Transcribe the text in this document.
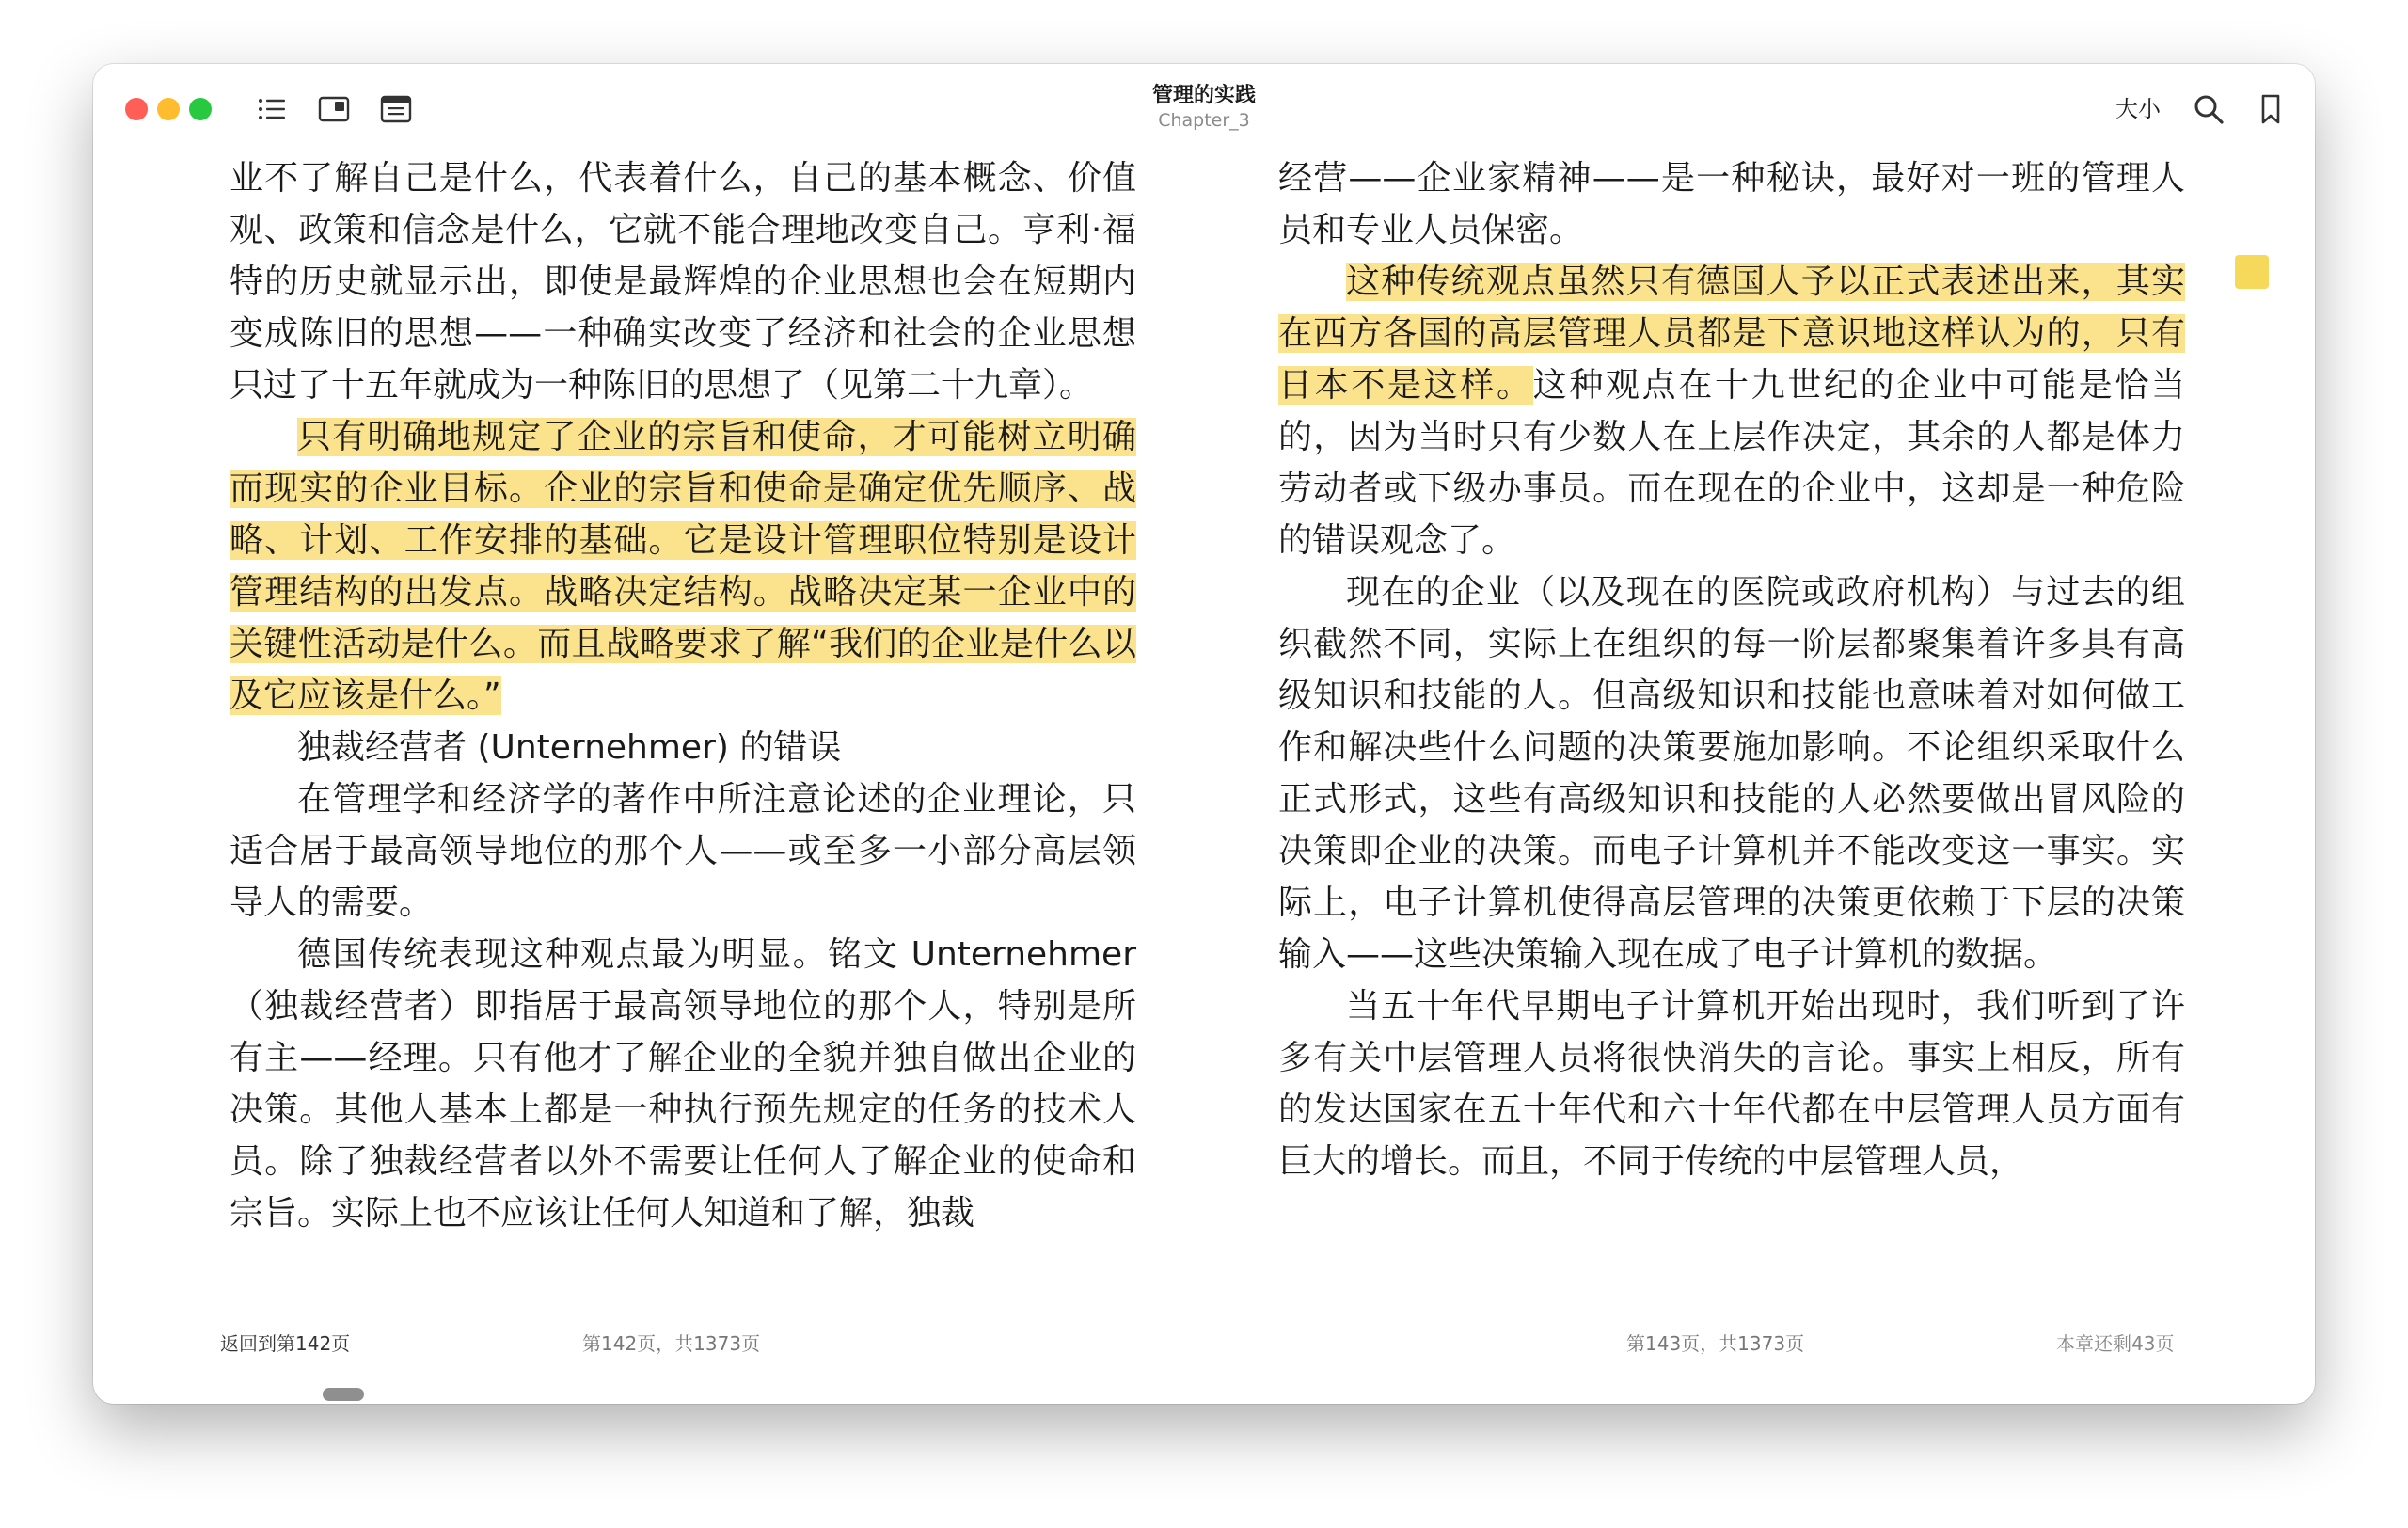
管理的实践
Chapter_3	大小

业不了解自己是什么，代表着什么，自己的基本概念、价值观、政策和信念是什么，它就不能合理地改变自己。亨利·福特的历史就显示出，即使是最辉煌的企业思想也会在短期内变成陈旧的思想——一种确实改变了经济和社会的企业思想只过了十五年就成为一种陈旧的思想了（见第二十九章）。

只有明确地规定了企业的宗旨和使命，才可能树立明确而现实的企业目标。企业的宗旨和使命是确定优先顺序、战略、计划、工作安排的基础。它是设计管理职位特别是设计管理结构的出发点。战略决定结构。战略决定某一企业中的关键性活动是什么。而且战略要求了解“我们的企业是什么以及它应该是什么。”

独裁经营者 (Unternehmer) 的错误

在管理学和经济学的著作中所注意论述的企业理论，只适合居于最高领导地位的那个人——或至多一小部分高层领导人的需要。

德国传统表现这种观点最为明显。铭文 Unternehmer（独裁经营者）即指居于最高领导地位的那个人，特别是所有主——经理。只有他才了解企业的全貌并独自做出企业的决策。其他人基本上都是一种执行预先规定的任务的技术人员。除了独裁经营者以外不需要让任何人了解企业的使命和宗旨。实际上也不应该让任何人知道和了解，独裁

经营——企业家精神——是一种秘诀，最好对一班的管理人员和专业人员保密。

这种传统观点虽然只有德国人予以正式表述出来，其实在西方各国的高层管理人员都是下意识地这样认为的，只有日本不是这样。这种观点在十九世纪的企业中可能是恰当的，因为当时只有少数人在上层作决定，其余的人都是体力劳动者或下级办事员。而在现在的企业中，这却是一种危险的错误观念了。

现在的企业（以及现在的医院或政府机构）与过去的组织截然不同，实际上在组织的每一阶层都聚集着许多具有高级知识和技能的人。但高级知识和技能也意味着对如何做工作和解决些什么问题的决策要施加影响。不论组织采取什么正式形式，这些有高级知识和技能的人必然要做出冒风险的决策即企业的决策。而电子计算机并不能改变这一事实。实际上，电子计算机使得高层管理的决策更依赖于下层的决策输入——这些决策输入现在成了电子计算机的数据。

当五十年代早期电子计算机开始出现时，我们听到了许多有关中层管理人员将很快消失的言论。事实上相反，所有的发达国家在五十年代和六十年代都在中层管理人员方面有巨大的增长。而且，不同于传统的中层管理人员，

返回到第142页	第142页，共1373页	第143页，共1373页	本章还剩43页
